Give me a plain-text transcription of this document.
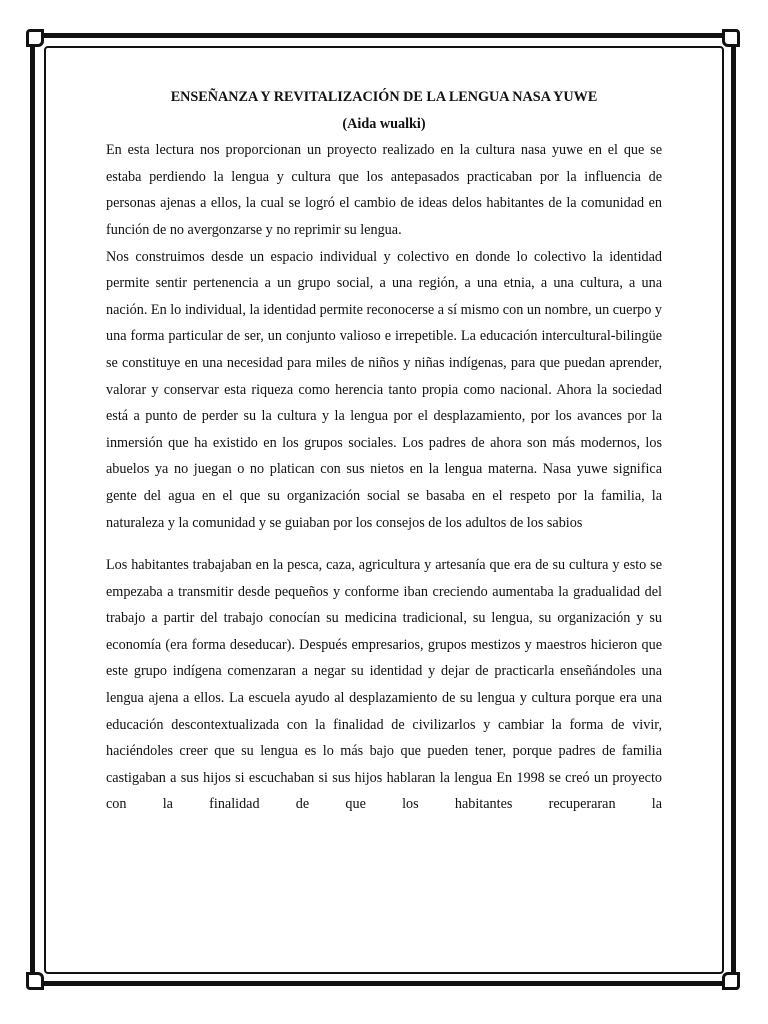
ENSEÑANZA Y REVITALIZACIÓN DE LA LENGUA NASA YUWE

(Aida wualki)

En esta lectura nos proporcionan un proyecto realizado en la cultura nasa yuwe en el que se estaba perdiendo la lengua y cultura que los antepasados practicaban por la influencia de personas ajenas a ellos, la cual se logró el cambio de ideas delos habitantes de la comunidad en función de no avergonzarse y no reprimir su lengua.

Nos construimos desde un espacio individual y colectivo en donde lo colectivo la identidad permite sentir pertenencia a un grupo social, a una región, a una etnia, a una cultura, a una nación. En lo individual, la identidad permite reconocerse a sí mismo con un nombre, un cuerpo y una forma particular de ser, un conjunto valioso e irrepetible. La educación intercultural-bilingüe se constituye en una necesidad para miles de niños y niñas indígenas, para que puedan aprender, valorar y conservar esta riqueza como herencia tanto propia como nacional. Ahora la sociedad está a punto de perder su la cultura y la lengua por el desplazamiento, por los avances por la inmersión que ha existido en los grupos sociales. Los padres de ahora son más modernos, los abuelos ya no juegan o no platican con sus nietos en la lengua materna. Nasa yuwe significa gente del agua en el que su organización social se basaba en el respeto por la familia, la naturaleza y la comunidad y se guiaban por los consejos de los adultos de los sabios

Los habitantes trabajaban en la pesca, caza, agricultura y artesanía que era de su cultura y esto se empezaba a transmitir desde pequeños y conforme iban creciendo aumentaba la gradualidad del trabajo a partir del trabajo conocían su medicina tradicional, su lengua, su organización y su economía (era forma deseducar). Después empresarios, grupos mestizos y maestros hicieron que este grupo indígena comenzaran a negar su identidad y dejar de practicarla enseñándoles una lengua ajena a ellos. La escuela ayudo al desplazamiento de su lengua y cultura porque era una educación descontextualizada con la finalidad de civilizarlos y cambiar la forma de vivir, haciéndoles creer que su lengua es lo más bajo que pueden tener, porque padres de familia castigaban a sus hijos si escuchaban si sus hijos hablaran la lengua En 1998 se creó un proyecto con la finalidad de que los habitantes recuperaran la
